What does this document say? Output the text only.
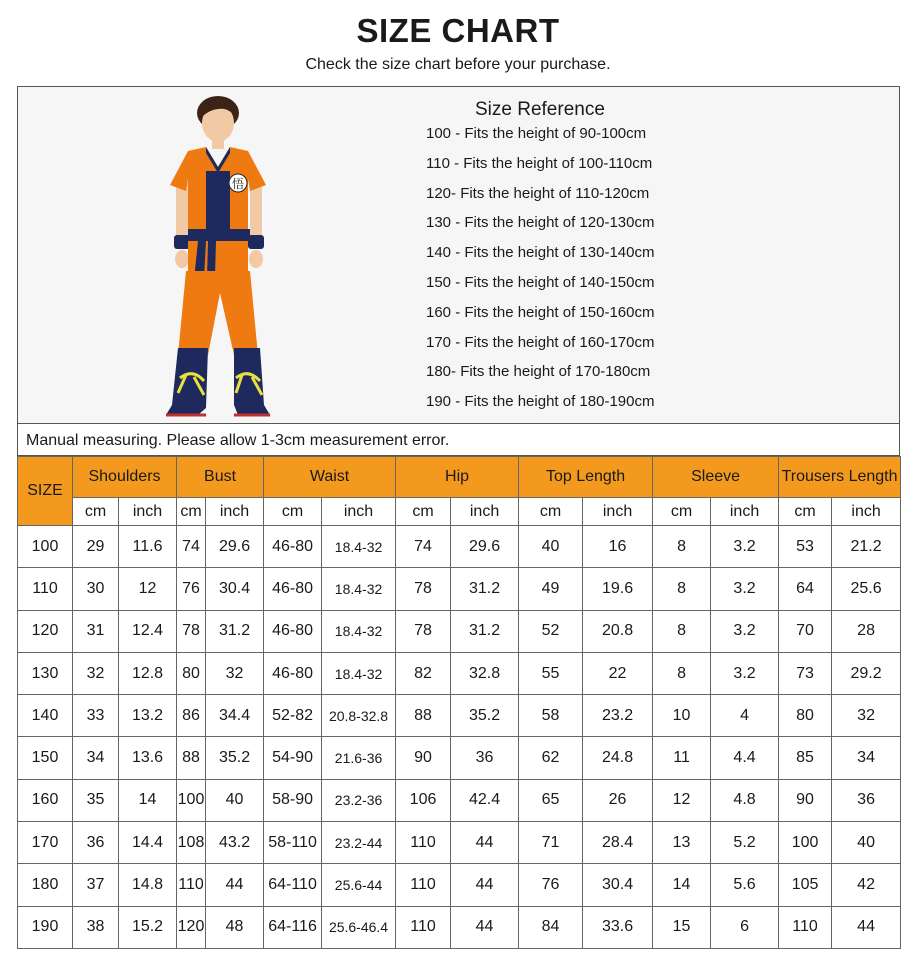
SIZE CHART
Check the size chart before your purchase.
悟
Size Reference
100 - Fits the height of 90-100cm
110 - Fits the height of 100-110cm
120- Fits the height of 110-120cm
130 - Fits the height of 120-130cm
140 - Fits the height of 130-140cm
150 - Fits the height of 140-150cm
160 - Fits the height of 150-160cm
170 - Fits the height of 160-170cm
180- Fits the height of 170-180cm
190 - Fits the height of 180-190cm
Manual measuring. Please allow 1-3cm measurement error.
SIZE	Shoulders		Bust		Waist		Hip		Top Length		Sleeve		Trousers Length	
	cm	inch	cm	inch	cm	inch	cm	inch	cm	inch	cm	inch	cm	inch
100	29	11.6	74	29.6	46-80	18.4-32	74	29.6	40	16	8	3.2	53	21.2
110	30	12	76	30.4	46-80	18.4-32	78	31.2	49	19.6	8	3.2	64	25.6
120	31	12.4	78	31.2	46-80	18.4-32	78	31.2	52	20.8	8	3.2	70	28
130	32	12.8	80	32	46-80	18.4-32	82	32.8	55	22	8	3.2	73	29.2
140	33	13.2	86	34.4	52-82	20.8-32.8	88	35.2	58	23.2	10	4	80	32
150	34	13.6	88	35.2	54-90	21.6-36	90	36	62	24.8	11	4.4	85	34
160	35	14	100	40	58-90	23.2-36	106	42.4	65	26	12	4.8	90	36
170	36	14.4	108	43.2	58-110	23.2-44	110	44	71	28.4	13	5.2	100	40
180	37	14.8	110	44	64-110	25.6-44	110	44	76	30.4	14	5.6	105	42
190	38	15.2	120	48	64-116	25.6-46.4	110	44	84	33.6	15	6	110	44
